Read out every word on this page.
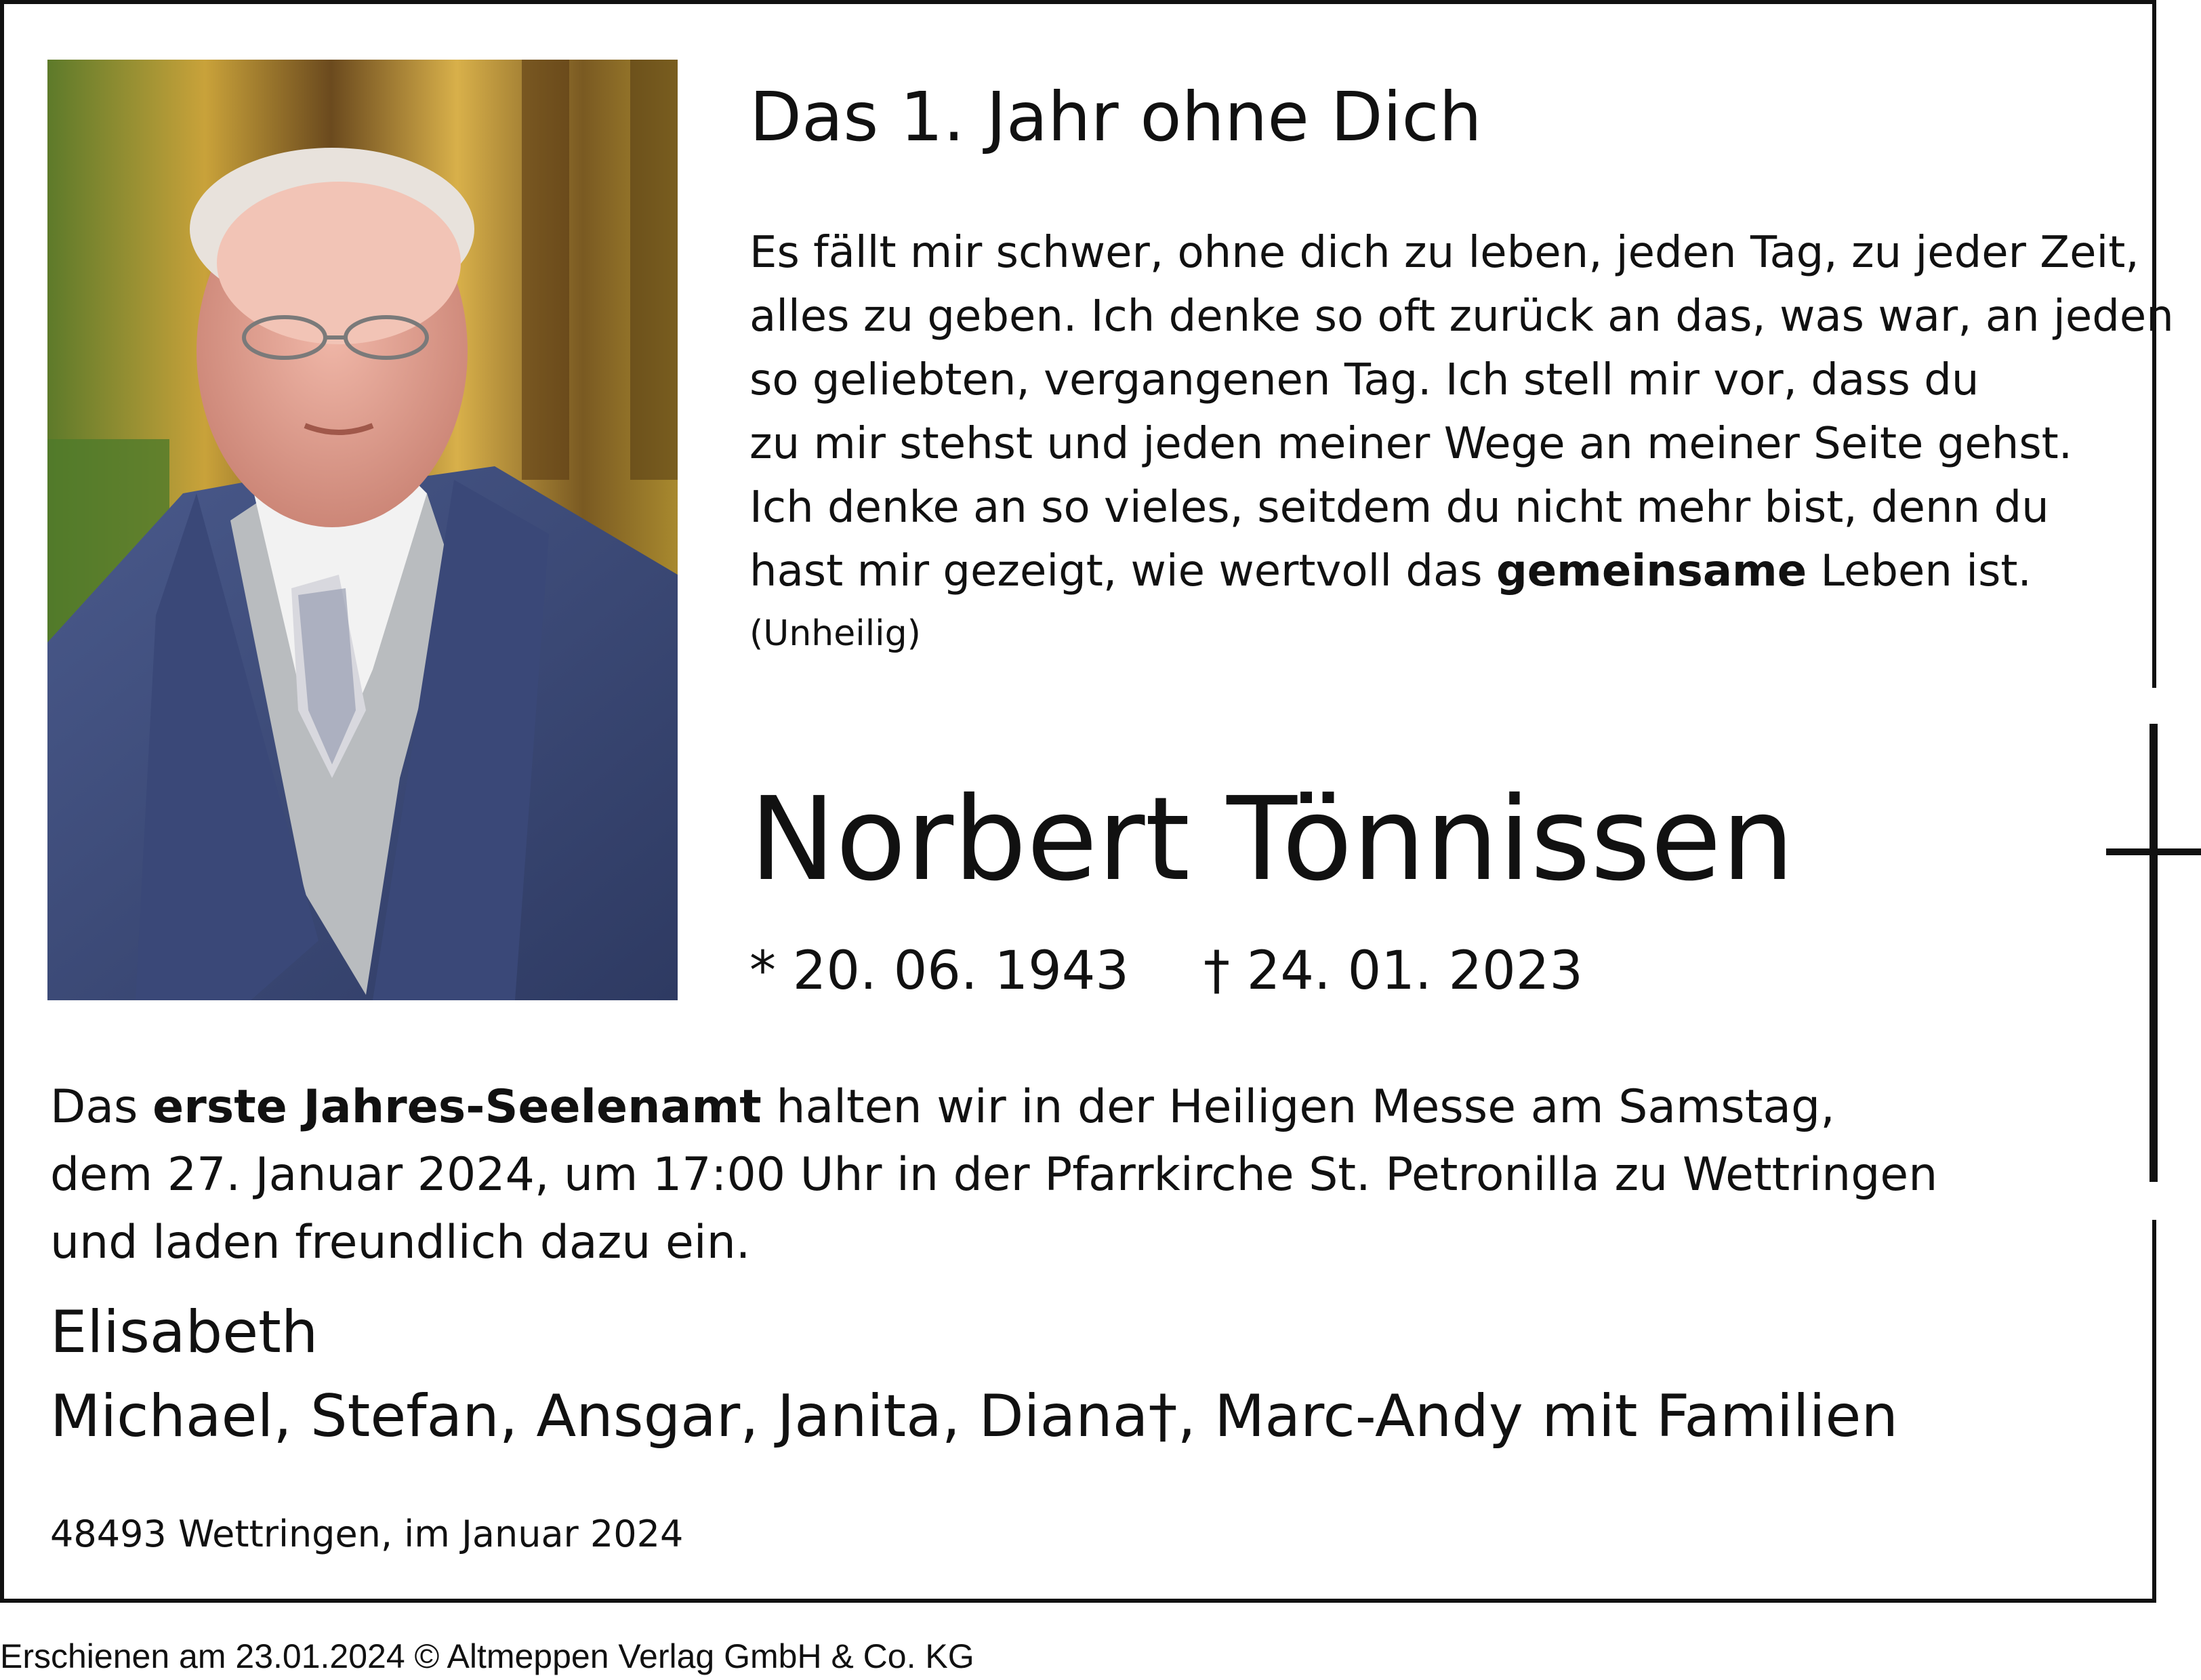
Das 1. Jahr ohne Dich
Es fällt mir schwer, ohne dich zu leben, jeden Tag, zu jeder Zeit,
alles zu geben. Ich denke so oft zurück an das, was war, an jeden
so geliebten, vergangenen Tag. Ich stell mir vor, dass du
zu mir stehst und jeden meiner Wege an meiner Seite gehst.
Ich denke an so vieles, seitdem du nicht mehr bist, denn du
hast mir gezeigt, wie wertvoll das gemeinsame Leben ist.
(Unheilig)
Norbert Tönnissen
* 20. 06. 1943 † 24. 01. 2023
Das erste Jahres-Seelenamt halten wir in der Heiligen Messe am Samstag,
dem 27. Januar 2024, um 17:00 Uhr in der Pfarrkirche St. Petronilla zu Wettringen
und laden freundlich dazu ein.
Elisabeth
Michael, Stefan, Ansgar, Janita, Diana†, Marc-Andy mit Familien
48493 Wettringen, im Januar 2024
Erschienen am 23.01.2024 © Altmeppen Verlag GmbH & Co. KG
